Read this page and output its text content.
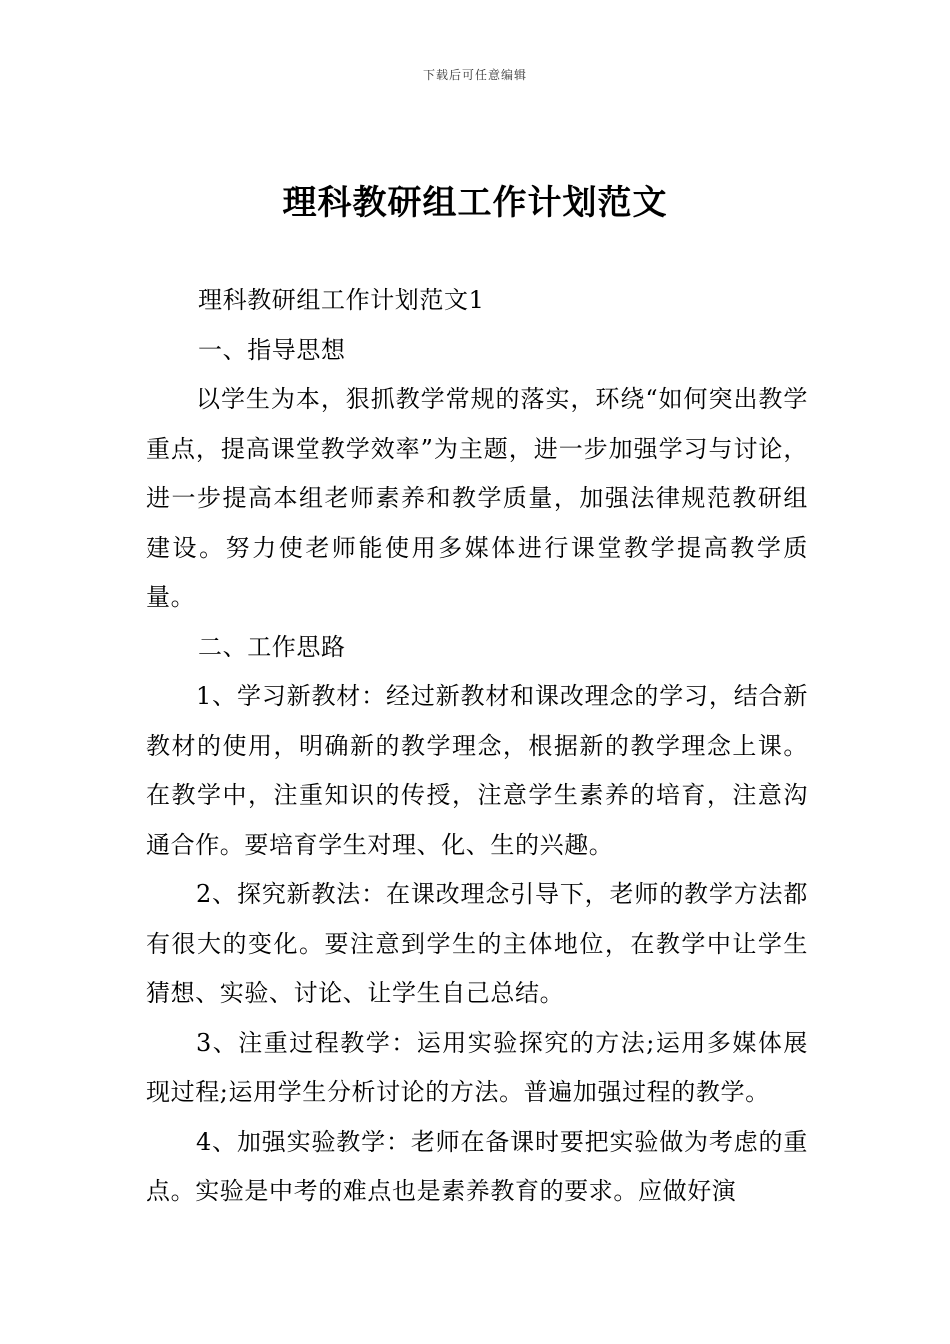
下载后可任意编辑
理科教研组工作计划范文

理科教研组工作计划范文1

一、指导思想

以学生为本，狠抓教学常规的落实，环绕“如何突出教学重点，提高课堂教学效率”为主题，进一步加强学习与讨论，进一步提高本组老师素养和教学质量，加强法律规范教研组建设。努力使老师能使用多媒体进行课堂教学提高教学质量。

二、工作思路

1、学习新教材：经过新教材和课改理念的学习，结合新教材的使用，明确新的教学理念，根据新的教学理念上课。在教学中，注重知识的传授，注意学生素养的培育，注意沟通合作。要培育学生对理、化、生的兴趣。

2、探究新教法：在课改理念引导下，老师的教学方法都有很大的变化。要注意到学生的主体地位，在教学中让学生猜想、实验、讨论、让学生自己总结。

3、注重过程教学：运用实验探究的方法;运用多媒体展现过程;运用学生分析讨论的方法。普遍加强过程的教学。

4、加强实验教学：老师在备课时要把实验做为考虑的重点。实验是中考的难点也是素养教育的要求。应做好演
